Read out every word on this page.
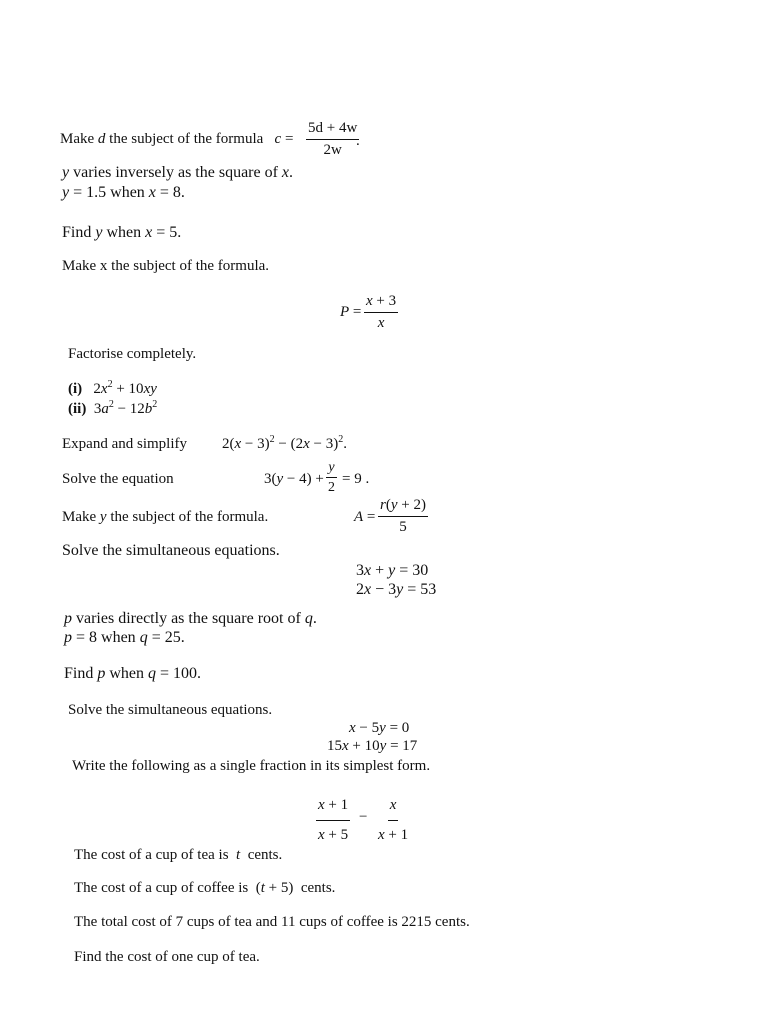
Make d the subject of the formula   $c = \frac{5d + 4w}{2w}$
.
y varies inversely as the square of x.
y = 1.5 when x = 8.
Find y when x = 5.
Make x the subject of the formula.
$P = \frac{x + 3}{x}$
Factorise completely.
(i)   $2x^2 + 10xy$
(ii)  $3a^2 - 12b^2$
Expand and simplify $2(x - 3)^2 - (2x - 3)^2$.
Solve the equation	$3(y - 4) + \frac{y}{2} = 9$ .
Make y the subject of the formula.	$A = \frac{r(y + 2)}{5}$
Solve the simultaneous equations.
3x + y = 30
2x − 3y = 53
p varies directly as the square root of q.
p = 8 when q = 25.
Find p when q = 100.
Solve the simultaneous equations.
x − 5y = 0
15x + 10y = 17
Write the following as a single fraction in its simplest form.
$\frac{x + 1}{x + 5} - \frac{x}{x + 1}$
The cost of a cup of tea is  t  cents.
The cost of a cup of coffee is  (t + 5)  cents.
The total cost of 7 cups of tea and 11 cups of coffee is 2215 cents.
Find the cost of one cup of tea.
